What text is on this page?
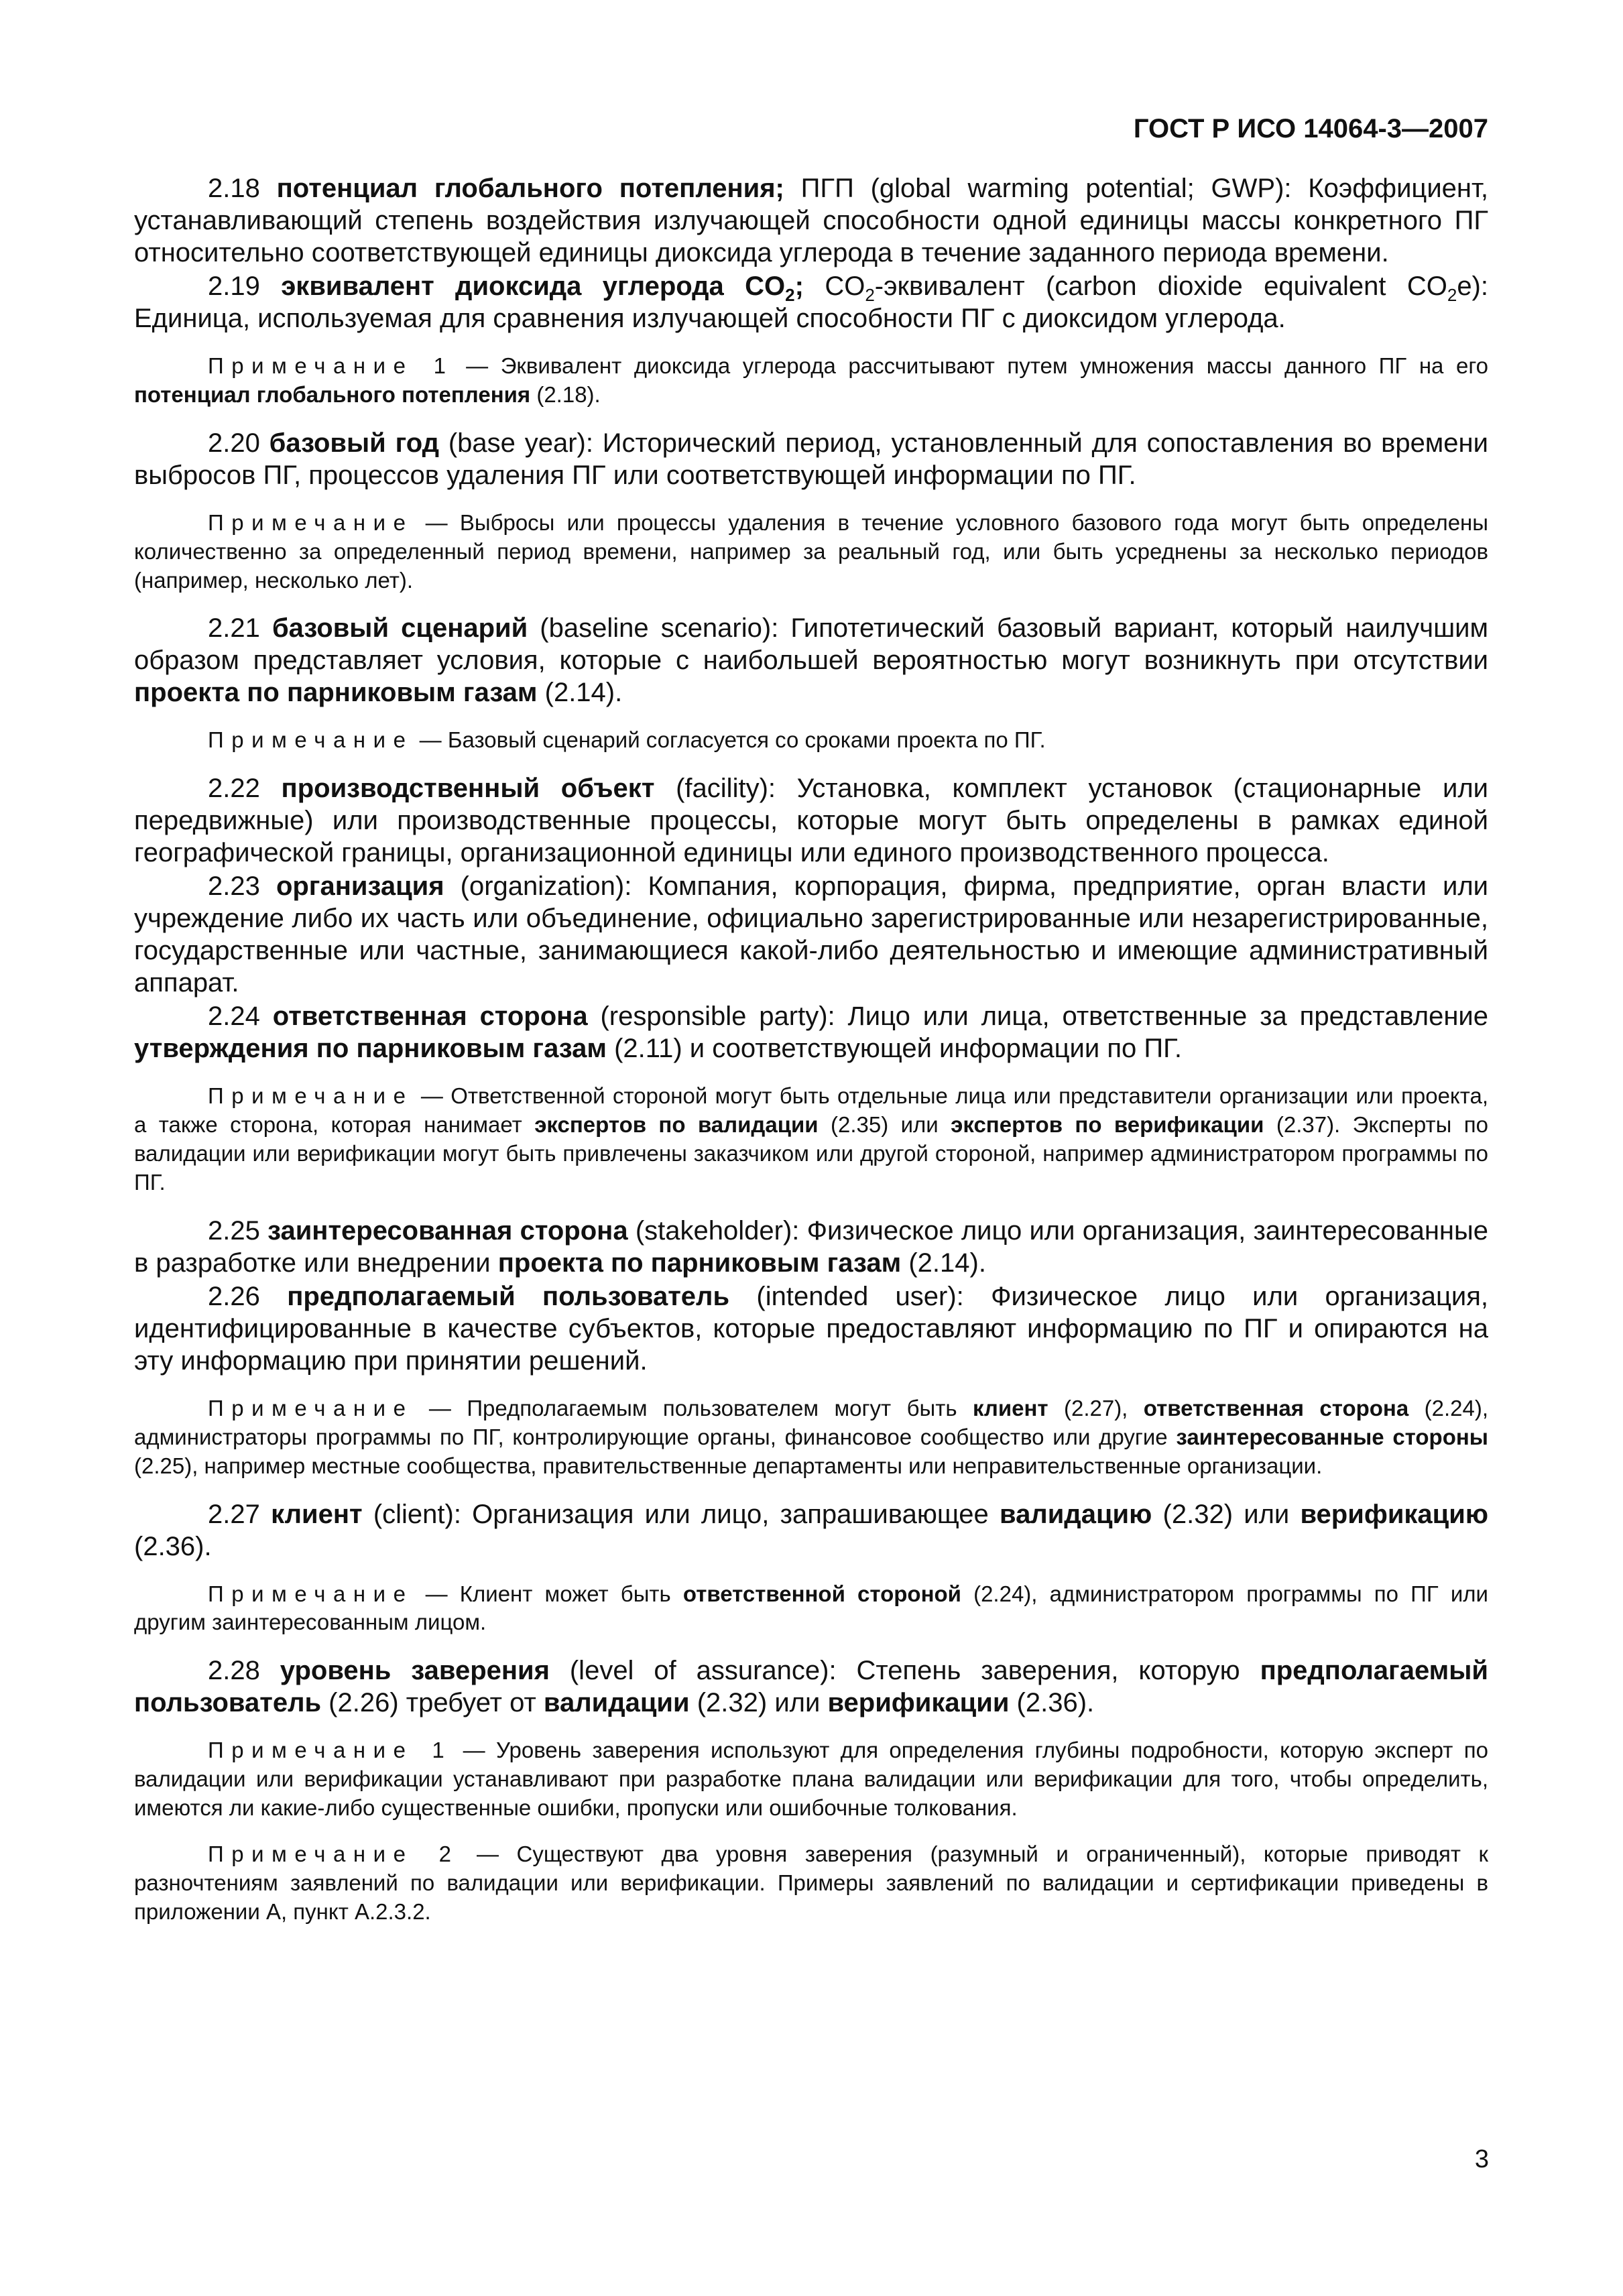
ГОСТ Р ИСО 14064-3—2007
2.18 потенциал глобального потепления; ПГП (global warming potential; GWP): Коэффициент, устанавливающий степень воздействия излучающей способности одной единицы массы конкретного ПГ относительно соответствующей единицы диоксида углерода в течение заданного периода времени.
2.19 эквивалент диоксида углерода $CO_2$; $CO_2$-эквивалент (carbon dioxide equivalent $CO_2e$): Единица, используемая для сравнения излучающей способности ПГ с диоксидом углерода.
Примечание 1 — Эквивалент диоксида углерода рассчитывают путем умножения массы данного ПГ на его потенциал глобального потепления (2.18).
2.20 базовый год (base year): Исторический период, установленный для сопоставления во времени выбросов ПГ, процессов удаления ПГ или соответствующей информации по ПГ.
Примечание — Выбросы или процессы удаления в течение условного базового года могут быть определены количественно за определенный период времени, например за реальный год, или быть усреднены за несколько периодов (например, несколько лет).
2.21 базовый сценарий (baseline scenario): Гипотетический базовый вариант, который наилучшим образом представляет условия, которые с наибольшей вероятностью могут возникнуть при отсутствии проекта по парниковым газам (2.14).
Примечание — Базовый сценарий согласуется со сроками проекта по ПГ.
2.22 производственный объект (facility): Установка, комплект установок (стационарные или передвижные) или производственные процессы, которые могут быть определены в рамках единой географической границы, организационной единицы или единого производственного процесса.
2.23 организация (organization): Компания, корпорация, фирма, предприятие, орган власти или учреждение либо их часть или объединение, официально зарегистрированные или незарегистрированные, государственные или частные, занимающиеся какой-либо деятельностью и имеющие административный аппарат.
2.24 ответственная сторона (responsible party): Лицо или лица, ответственные за представление утверждения по парниковым газам (2.11) и соответствующей информации по ПГ.
Примечание — Ответственной стороной могут быть отдельные лица или представители организации или проекта, а также сторона, которая нанимает экспертов по валидации (2.35) или экспертов по верификации (2.37). Эксперты по валидации или верификации могут быть привлечены заказчиком или другой стороной, например администратором программы по ПГ.
2.25 заинтересованная сторона (stakeholder): Физическое лицо или организация, заинтересованные в разработке или внедрении проекта по парниковым газам (2.14).
2.26 предполагаемый пользователь (intended user): Физическое лицо или организация, идентифицированные в качестве субъектов, которые предоставляют информацию по ПГ и опираются на эту информацию при принятии решений.
Примечание — Предполагаемым пользователем могут быть клиент (2.27), ответственная сторона (2.24), администраторы программы по ПГ, контролирующие органы, финансовое сообщество или другие заинтересованные стороны (2.25), например местные сообщества, правительственные департаменты или неправительственные организации.
2.27 клиент (client): Организация или лицо, запрашивающее валидацию (2.32) или верификацию (2.36).
Примечание — Клиент может быть ответственной стороной (2.24), администратором программы по ПГ или другим заинтересованным лицом.
2.28 уровень заверения (level of assurance): Степень заверения, которую предполагаемый пользователь (2.26) требует от валидации (2.32) или верификации (2.36).
Примечание 1 — Уровень заверения используют для определения глубины подробности, которую эксперт по валидации или верификации устанавливают при разработке плана валидации или верификации для того, чтобы определить, имеются ли какие-либо существенные ошибки, пропуски или ошибочные толкования.
Примечание 2 — Существуют два уровня заверения (разумный и ограниченный), которые приводят к разночтениям заявлений по валидации или верификации. Примеры заявлений по валидации и сертификации приведены в приложении А, пункт А.2.3.2.
3
